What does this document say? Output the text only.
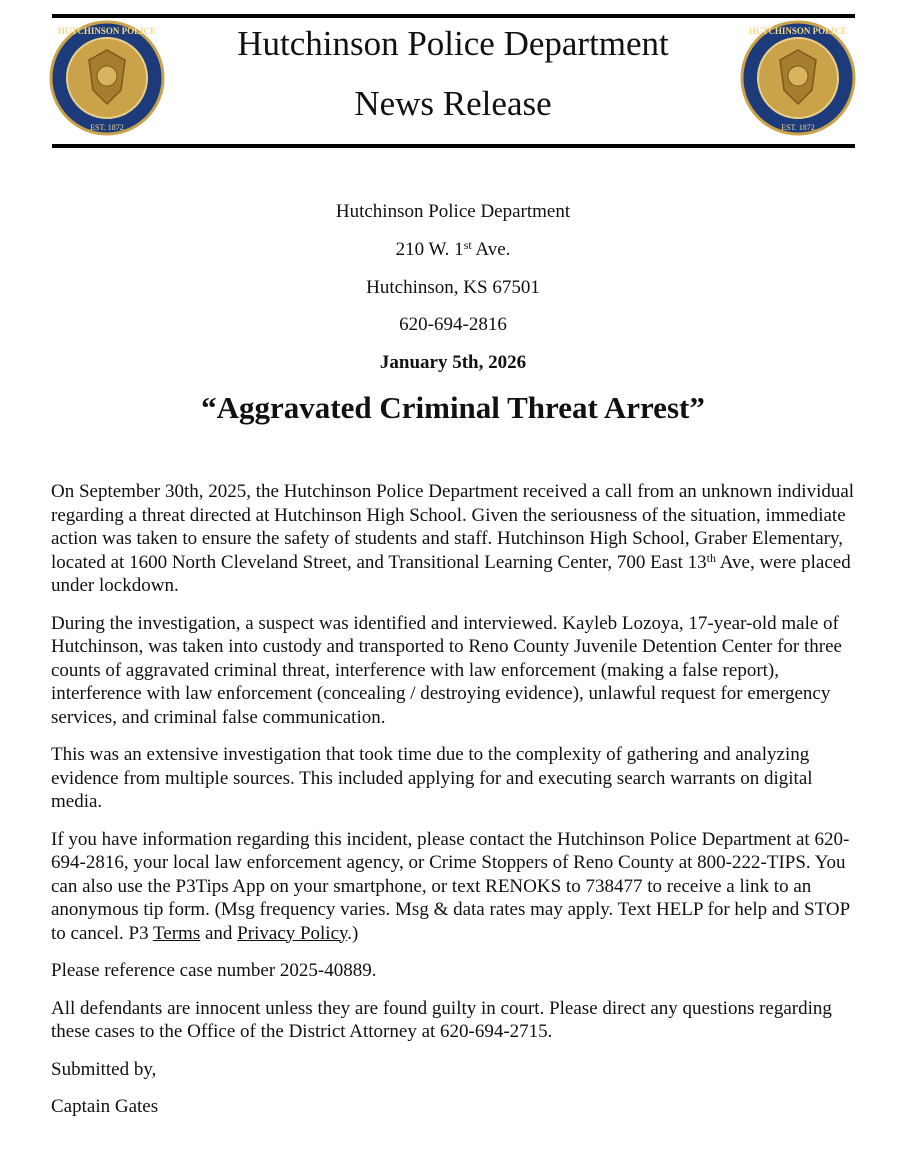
HUTCHINSON POLICE
EST. 1872
HUTCHINSON POLICE
EST. 1872
Hutchinson Police Department
News Release
Hutchinson Police Department
210 W. 1st Ave.
Hutchinson, KS 67501
620-694-2816
January 5th, 2026
“Aggravated Criminal Threat Arrest”

On September 30th, 2025, the Hutchinson Police Department received a call from an unknown individual regarding a threat directed at Hutchinson High School. Given the seriousness of the situation, immediate action was taken to ensure the safety of students and staff. Hutchinson High School, Graber Elementary, located at 1600 North Cleveland Street, and Transitional Learning Center, 700 East 13th Ave, were placed under lockdown.

During the investigation, a suspect was identified and interviewed. Kayleb Lozoya, 17-year-old male of Hutchinson, was taken into custody and transported to Reno County Juvenile Detention Center for three counts of aggravated criminal threat, interference with law enforcement (making a false report), interference with law enforcement (concealing / destroying evidence), unlawful request for emergency services, and criminal false communication.

This was an extensive investigation that took time due to the complexity of gathering and analyzing evidence from multiple sources. This included applying for and executing search warrants on digital media.

If you have information regarding this incident, please contact the Hutchinson Police Department at 620-694-2816, your local law enforcement agency, or Crime Stoppers of Reno County at 800-222-TIPS. You can also use the P3Tips App on your smartphone, or text RENOKS to 738477 to receive a link to an anonymous tip form. (Msg frequency varies. Msg & data rates may apply. Text HELP for help and STOP to cancel. P3 Terms and Privacy Policy.)

Please reference case number 2025-40889.

All defendants are innocent unless they are found guilty in court. Please direct any questions regarding these cases to the Office of the District Attorney at 620-694-2715.

Submitted by,

Captain Gates
